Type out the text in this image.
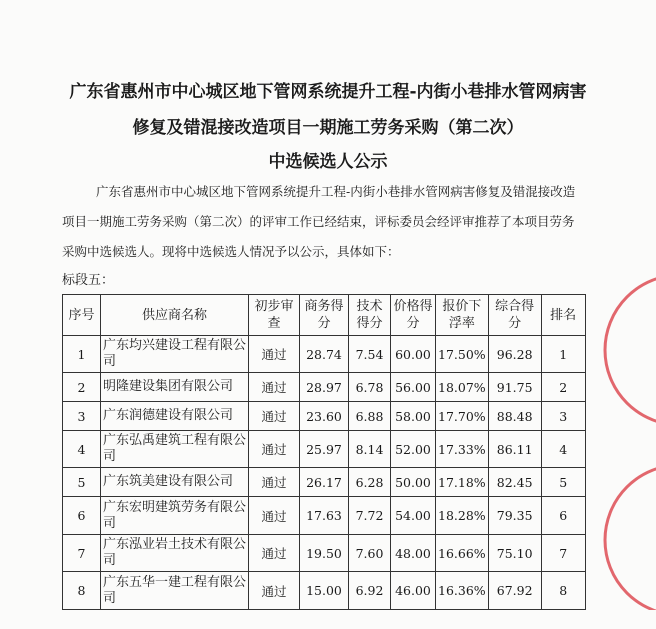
广东省惠州市中心城区地下管网系统提升工程-内街小巷排水管网病害
修复及错混接改造项目一期施工劳务采购（第二次）
中选候选人公示
广东省惠州市中心城区地下管网系统提升工程-内街小巷排水管网病害修复及错混接改造
项目一期施工劳务采购（第二次）的评审工作已经结束，评标委员会经评审推荐了本项目劳务
采购中选候选人。现将中选候选人情况予以公示，具体如下：
标段五：
序号	供应商名称	初步审查	商务得分	技术得分	价格得分	报价下浮率	综合得分	排名
1	广东均兴建设工程有限公司	通过	28.74	7.54	60.00	17.50%	96.28	1
2	明隆建设集团有限公司	通过	28.97	6.78	56.00	18.07%	91.75	2
3	广东润德建设有限公司	通过	23.60	6.88	58.00	17.70%	88.48	3
4	广东弘禹建筑工程有限公司	通过	25.97	8.14	52.00	17.33%	86.11	4
5	广东筑美建设有限公司	通过	26.17	6.28	50.00	17.18%	82.45	5
6	广东宏明建筑劳务有限公司	通过	17.63	7.72	54.00	18.28%	79.35	6
7	广东泓业岩土技术有限公司	通过	19.50	7.60	48.00	16.66%	75.10	7
8	广东五华一建工程有限公司	通过	15.00	6.92	46.00	16.36%	67.92	8
